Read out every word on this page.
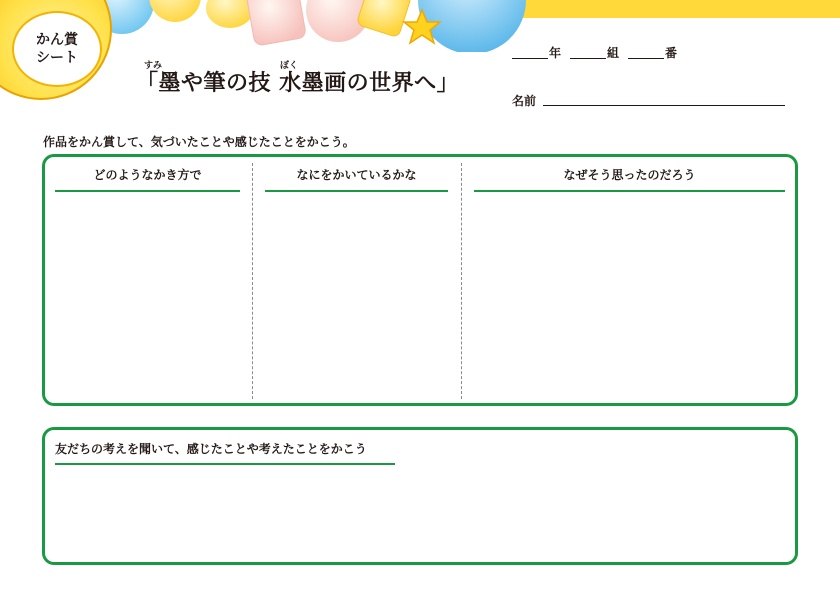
かん賞
シート	すみ	ぼく
「墨や筆の技 水墨画の世界へ」
年	組	番
名前
作品をかん賞して、気づいたことや感じたことをかこう。
どのようなかき方で	なにをかいているかな	なぜそう思ったのだろう
友だちの考えを聞いて、感じたことや考えたことをかこう
